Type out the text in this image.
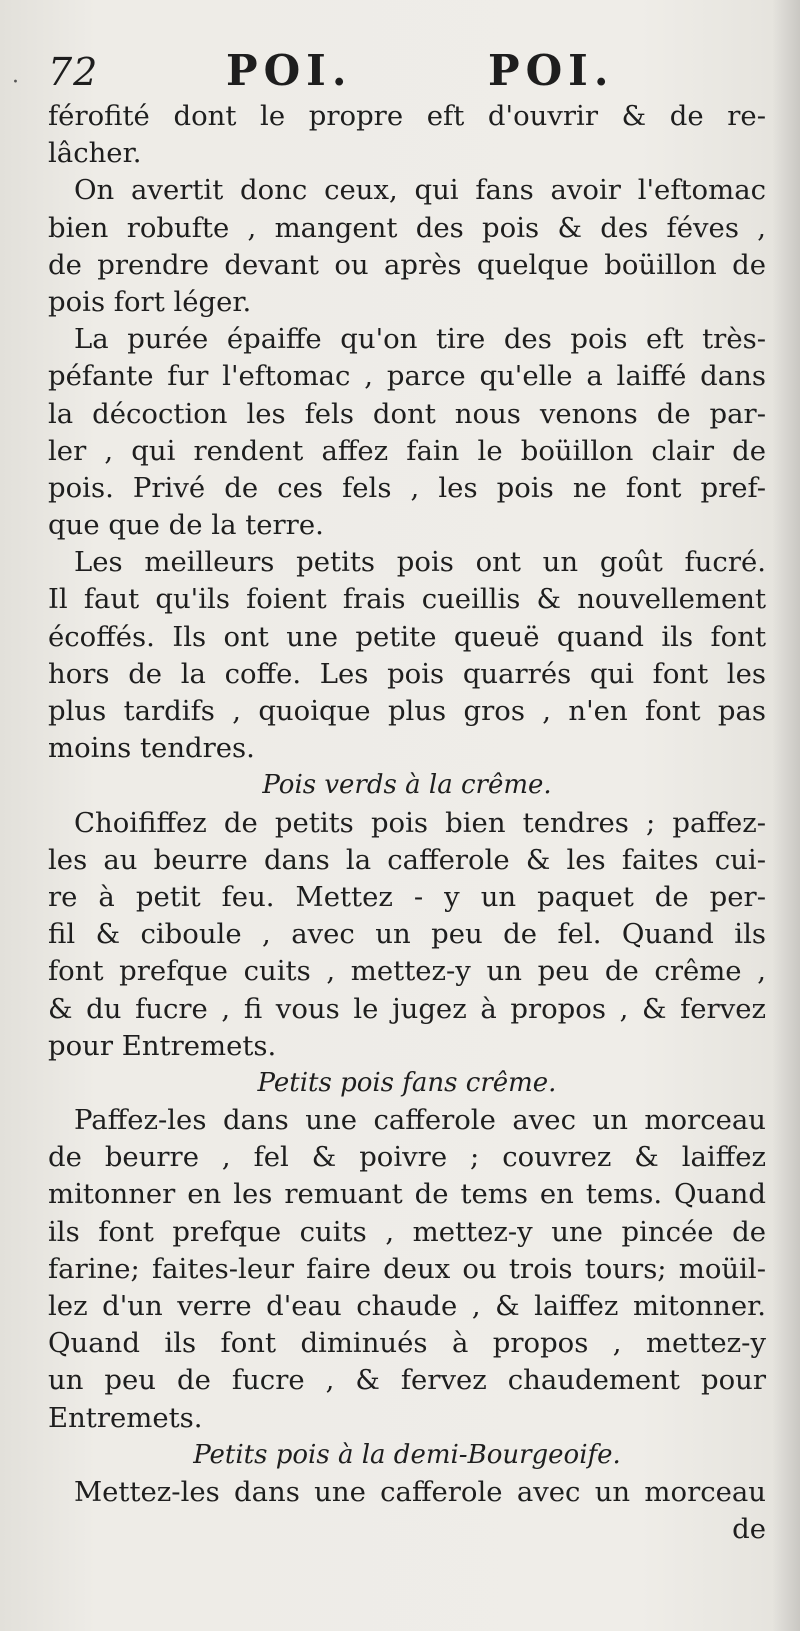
72	POI.	POI.
férofité dont le propre eft d'ouvrir & de re-
lâcher.
On avertit donc ceux, qui fans avoir l'eftomac
bien robufte , mangent des pois & des féves ,
de prendre devant ou après quelque boüillon de
pois fort léger.
La purée épaiffe qu'on tire des pois eft très-
péfante fur l'eftomac , parce qu'elle a laiffé dans
la décoction les fels dont nous venons de par-
ler , qui rendent affez fain le boüillon clair de
pois. Privé de ces fels , les pois ne font pref-
que que de la terre.
Les meilleurs petits pois ont un goût fucré.
Il faut qu'ils foient frais cueillis & nouvellement
écoffés. Ils ont une petite queuë quand ils font
hors de la coffe. Les pois quarrés qui font les
plus tardifs , quoique plus gros , n'en font pas
moins tendres.
Pois verds à la crême.
Choififfez de petits pois bien tendres ; paffez-
les au beurre dans la cafferole & les faites cui-
re à petit feu. Mettez - y un paquet de per-
fil & ciboule , avec un peu de fel. Quand ils
font prefque cuits , mettez-y un peu de crême ,
& du fucre , fi vous le jugez à propos , & fervez
pour Entremets.
Petits pois fans crême.
Paffez-les dans une cafferole avec un morceau
de beurre , fel & poivre ; couvrez & laiffez
mitonner en les remuant de tems en tems. Quand
ils font prefque cuits , mettez-y une pincée de
farine; faites-leur faire deux ou trois tours; moüil-
lez d'un verre d'eau chaude , & laiffez mitonner.
Quand ils font diminués à propos , mettez-y
un peu de fucre , & fervez chaudement pour
Entremets.
Petits pois à la demi-Bourgeoife.
Mettez-les dans une cafferole avec un morceau
de
·
